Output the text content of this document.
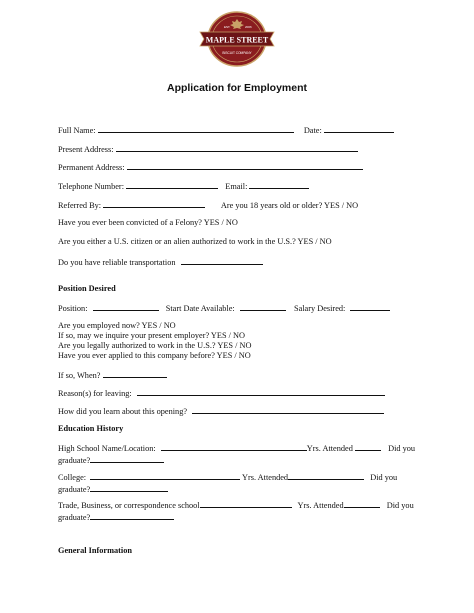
EST.	2006
MAPLE STREET
BISCUIT COMPANY
Application for Employment
Full Name:	Date:
Present Address:
Permanent Address:
Telephone Number:	Email:
Referred By:	Are you 18 years old or older? YES / NO
Have you ever been convicted of a Felony? YES / NO
Are you either a U.S. citizen or an alien authorized to work in the U.S.? YES / NO
Do you have reliable transportation
Position Desired
Position:	Start Date Available:	Salary Desired:
Are you employed now? YES / NO
If so, may we inquire your present employer? YES / NO
Are you legally authorized to work in the U.S.? YES / NO
Have you ever applied to this company before? YES / NO
If so, When?
Reason(s) for leaving:
How did you learn about this opening?
Education History
High School Name/Location:	Yrs. Attended	Did you
graduate?
College:	Yrs. Attended	Did you
graduate?
Trade, Business, or correspondence school	Yrs. Attended	Did you
graduate?
General Information
